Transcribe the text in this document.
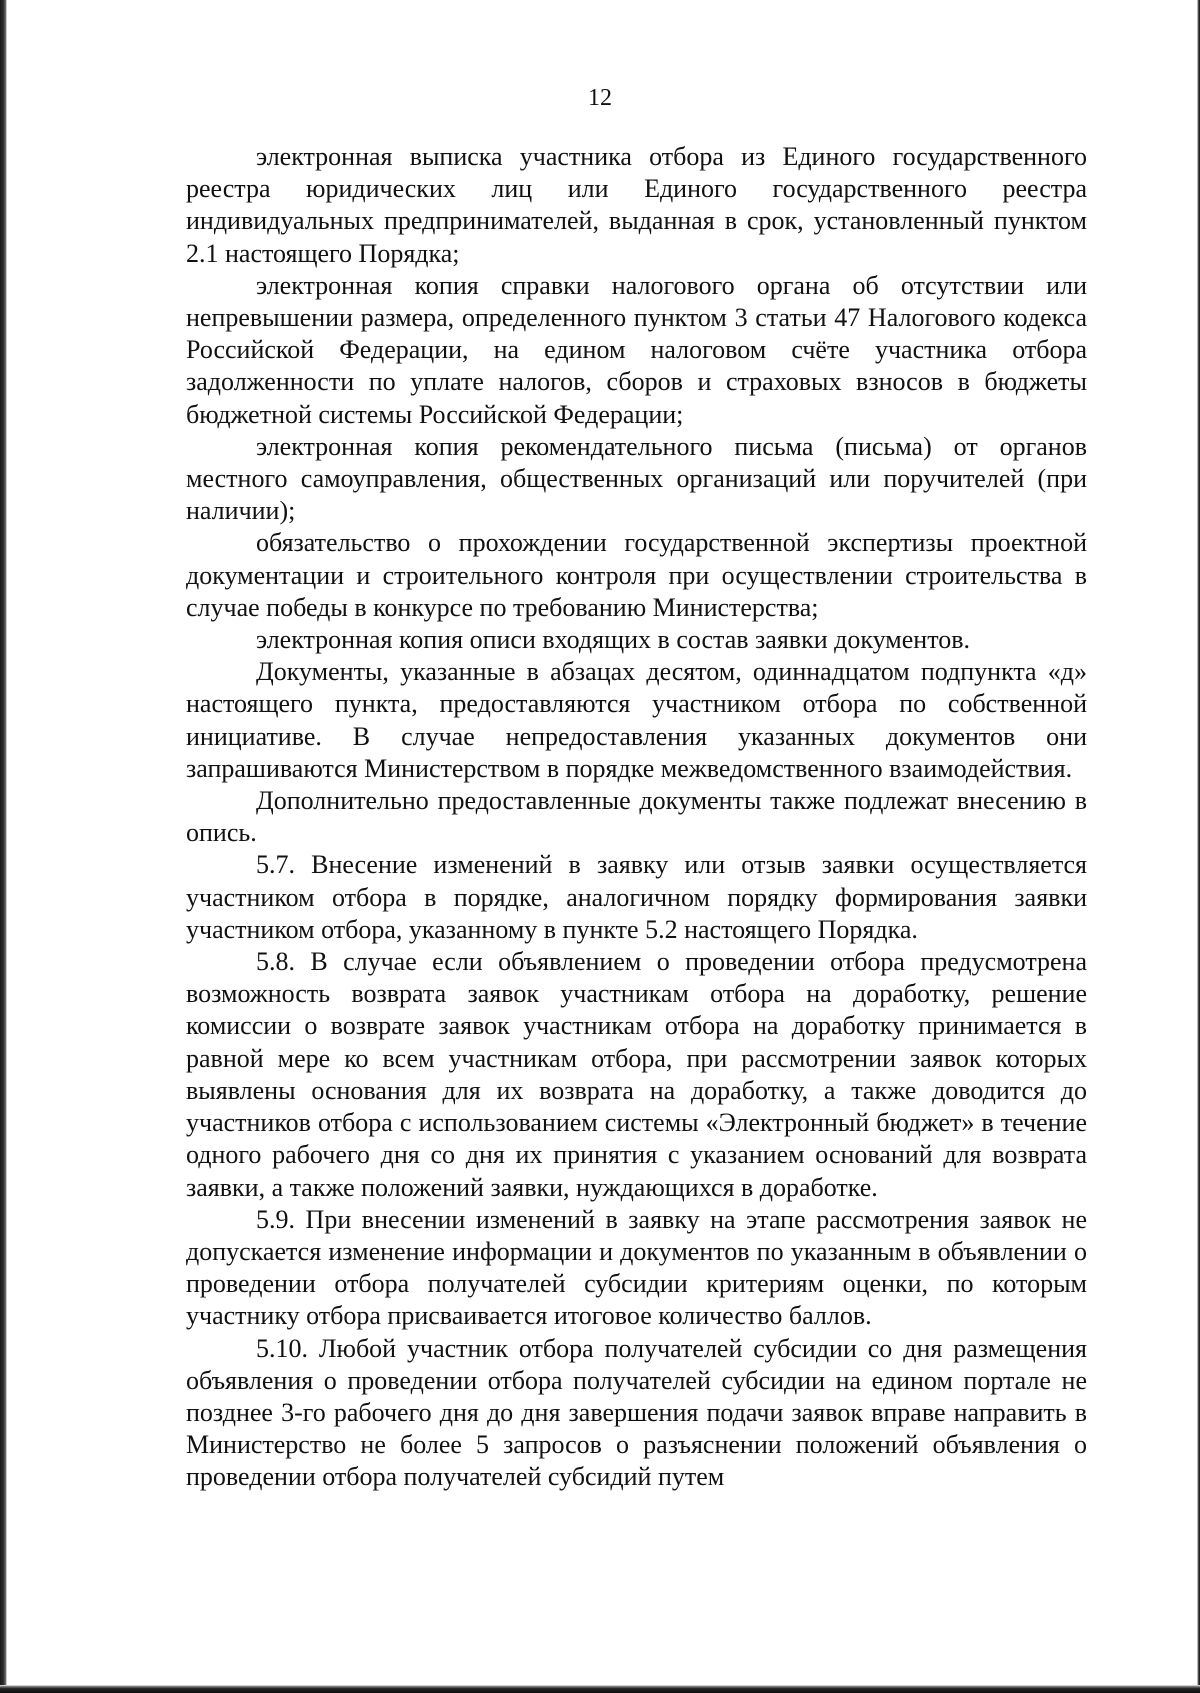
12

электронная выписка участника отбора из Единого государственного реестра юридических лиц или Единого государственного реестра индивидуальных предпринимателей, выданная в срок, установленный пунктом 2.1 настоящего Порядка;

электронная копия справки налогового органа об отсутствии или непревышении размера, определенного пунктом 3 статьи 47 Налогового кодекса Российской Федерации, на едином налоговом счёте участника отбора задолженности по уплате налогов, сборов и страховых взносов в бюджеты бюджетной системы Российской Федерации;

электронная копия рекомендательного письма (письма) от органов местного самоуправления, общественных организаций или поручителей (при наличии);

обязательство о прохождении государственной экспертизы проектной документации и строительного контроля при осуществлении строительства в случае победы в конкурсе по требованию Министерства;

электронная копия описи входящих в состав заявки документов.

Документы, указанные в абзацах десятом, одиннадцатом подпункта «д» настоящего пункта, предоставляются участником отбора по собственной инициативе. В случае непредоставления указанных документов они запрашиваются Министерством в порядке межведомственного взаимодействия.

Дополнительно предоставленные документы также подлежат внесению в опись.

5.7. Внесение изменений в заявку или отзыв заявки осуществляется участником отбора в порядке, аналогичном порядку формирования заявки участником отбора, указанному в пункте 5.2 настоящего Порядка.

5.8. В случае если объявлением о проведении отбора предусмотрена возможность возврата заявок участникам отбора на доработку, решение комиссии о возврате заявок участникам отбора на доработку принимается в равной мере ко всем участникам отбора, при рассмотрении заявок которых выявлены основания для их возврата на доработку, а также доводится до участников отбора с использованием системы «Электронный бюджет» в течение одного рабочего дня со дня их принятия с указанием оснований для возврата заявки, а также положений заявки, нуждающихся в доработке.

5.9. При внесении изменений в заявку на этапе рассмотрения заявок не допускается изменение информации и документов по указанным в объявлении о проведении отбора получателей субсидии критериям оценки, по которым участнику отбора присваивается итоговое количество баллов.

5.10. Любой участник отбора получателей субсидии со дня размещения объявления о проведении отбора получателей субсидии на едином портале не позднее 3-го рабочего дня до дня завершения подачи заявок вправе направить в Министерство не более 5 запросов о разъяснении положений объявления о проведении отбора получателей субсидий путем
